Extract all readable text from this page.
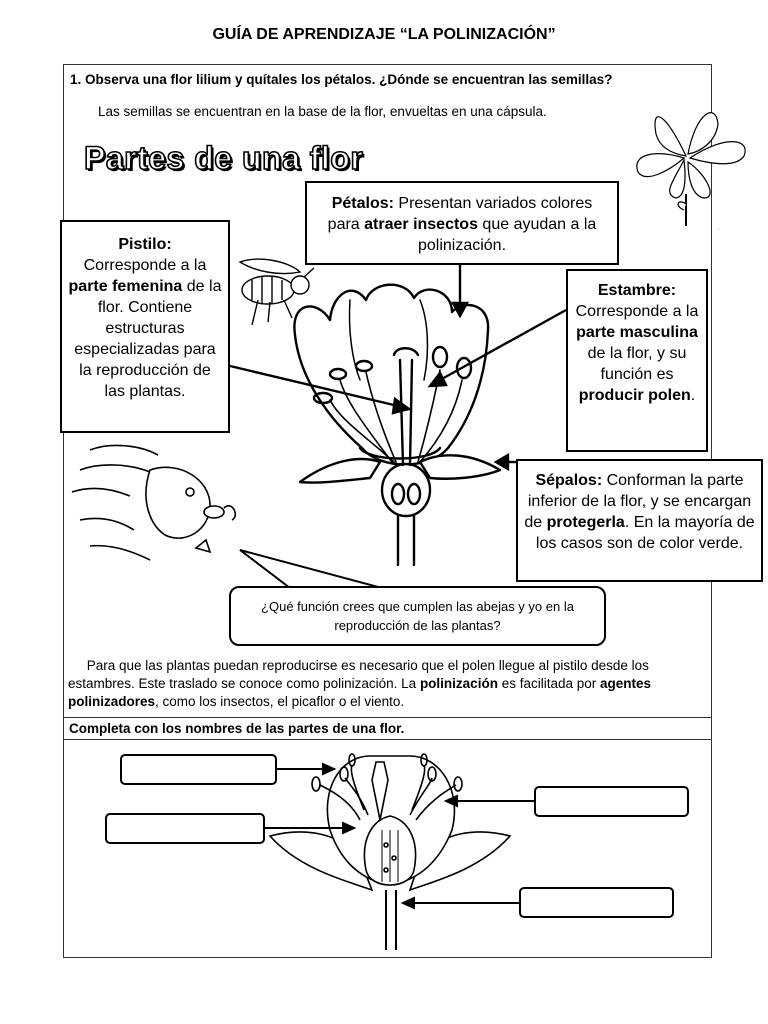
GUÍA DE APRENDIZAJE “LA POLINIZACIÓN”
1. Observa una flor lilium y quítales los pétalos. ¿Dónde se encuentran las semillas?
Las semillas se encuentran en la base de la flor, envueltas en una cápsula.
·
Partes de una flor
Pétalos: Presentan variados colores para atraer insectos que ayudan a la polinización.
Pistilo:
Corresponde a la parte femenina de la flor. Contiene estructuras especializadas para la reproducción de las plantas.
Estambre:
Corresponde a la parte masculina de la flor, y su función es producir polen.
Sépalos: Conforman la parte inferior de la flor, y se encargan de protegerla. En la mayoría de los casos son de color verde.
¿Qué función crees que cumplen las abejas y yo en la reproducción de las plantas?
Para que las plantas puedan reproducirse es necesario que el polen llegue al pistilo desde los estambres. Este traslado se conoce como polinización. La polinización es facilitada por agentes polinizadores, como los insectos, el picaflor o el viento.
Completa con los nombres de las partes de una flor.
